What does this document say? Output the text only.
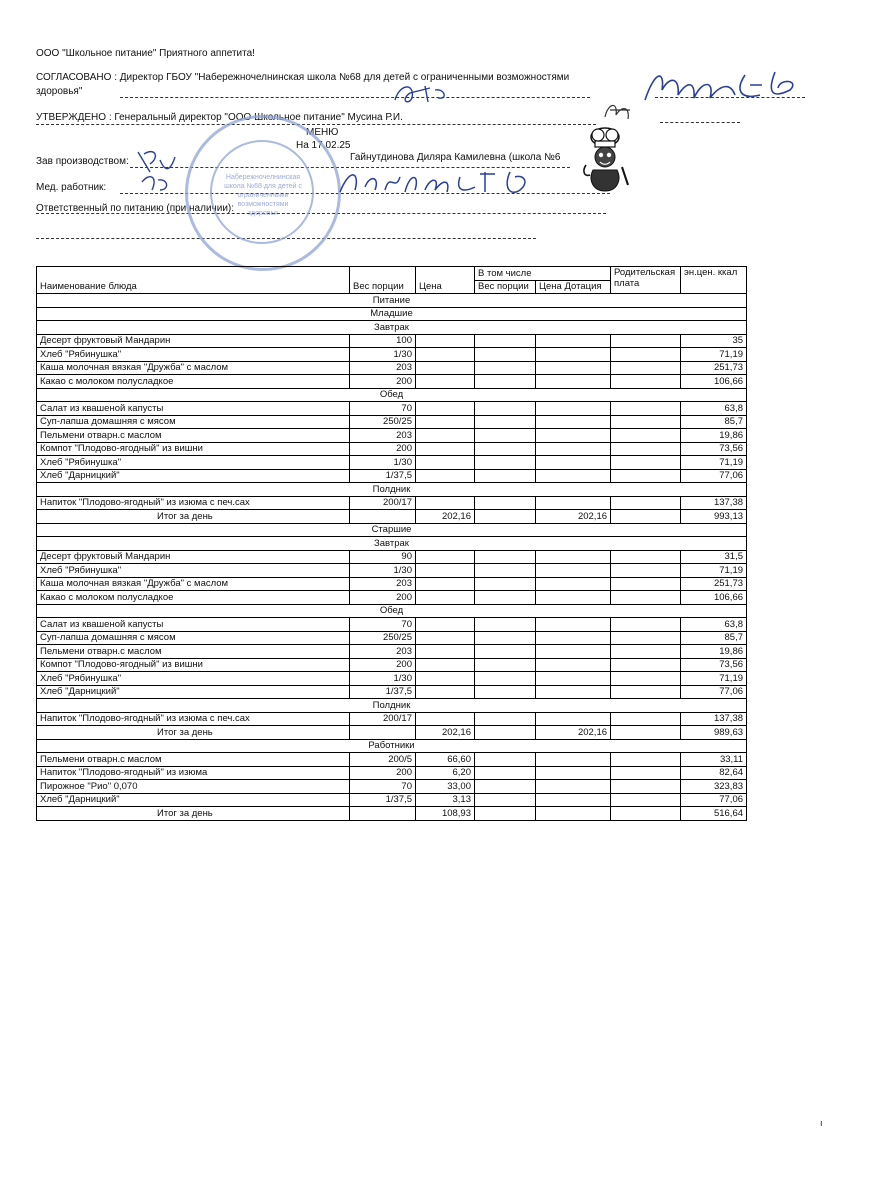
ООО "Школьное питание" Приятного аппетита!
СОГЛАСОВАНО : Директор ГБОУ "Набережночелнинская школа №68 для детей с ограниченными возможностями
здоровья"
УТВЕРЖДЕНО : Генеральный директор "ООО Школьное питание" Мусина Р.И.
МЕНЮ
На 17.02.25
Зав производством:	Гайнутдинова Диляра Камилевна (школа №6
Мед. работник:
Ответственный по питанию (при наличии):
Набережночелнинская школа №68 для детей с ограниченными возможностями здоровья
Наименование блюда	Вес порции	Цена	В том числе		Родительская плата	эн.цен. ккал
			Вес порции	Цена Дотация		
Питание						
Младшие						
Завтрак						
Десерт фруктовый Мандарин	100					35
Хлеб "Рябинушка"	1/30					71,19
Каша молочная вязкая "Дружба" с маслом	203					251,73
Какао с молоком полусладкое	200					106,66
Обед						
Салат из квашеной капусты	70					63,8
Суп-лапша домашняя с мясом	250/25					85,7
Пельмени отварн.с маслом	203					19,86
Компот "Плодово-ягодный" из вишни	200					73,56
Хлеб "Рябинушка"	1/30					71,19
Хлеб "Дарницкий"	1/37,5					77,06
Полдник						
Напиток "Плодово-ягодный" из изюма с печ.сах	200/17					137,38
Итог за день		202,16		202,16		993,13
Старшие						
Завтрак						
Десерт фруктовый Мандарин	90					31,5
Хлеб "Рябинушка"	1/30					71,19
Каша молочная вязкая "Дружба" с маслом	203					251,73
Какао с молоком полусладкое	200					106,66
Обед						
Салат из квашеной капусты	70					63,8
Суп-лапша домашняя с мясом	250/25					85,7
Пельмени отварн.с маслом	203					19,86
Компот "Плодово-ягодный" из вишни	200					73,56
Хлеб "Рябинушка"	1/30					71,19
Хлеб "Дарницкий"	1/37,5					77,06
Полдник						
Напиток "Плодово-ягодный" из изюма с печ.сах	200/17					137,38
Итог за день		202,16		202,16		989,63
Работники						
Пельмени отварн.с маслом	200/5	66,60				33,11
Напиток "Плодово-ягодный" из изюма	200	6,20				82,64
Пирожное "Рио" 0,070	70	33,00				323,83
Хлеб "Дарницкий"	1/37,5	3,13				77,06
Итог за день		108,93				516,64
ı
